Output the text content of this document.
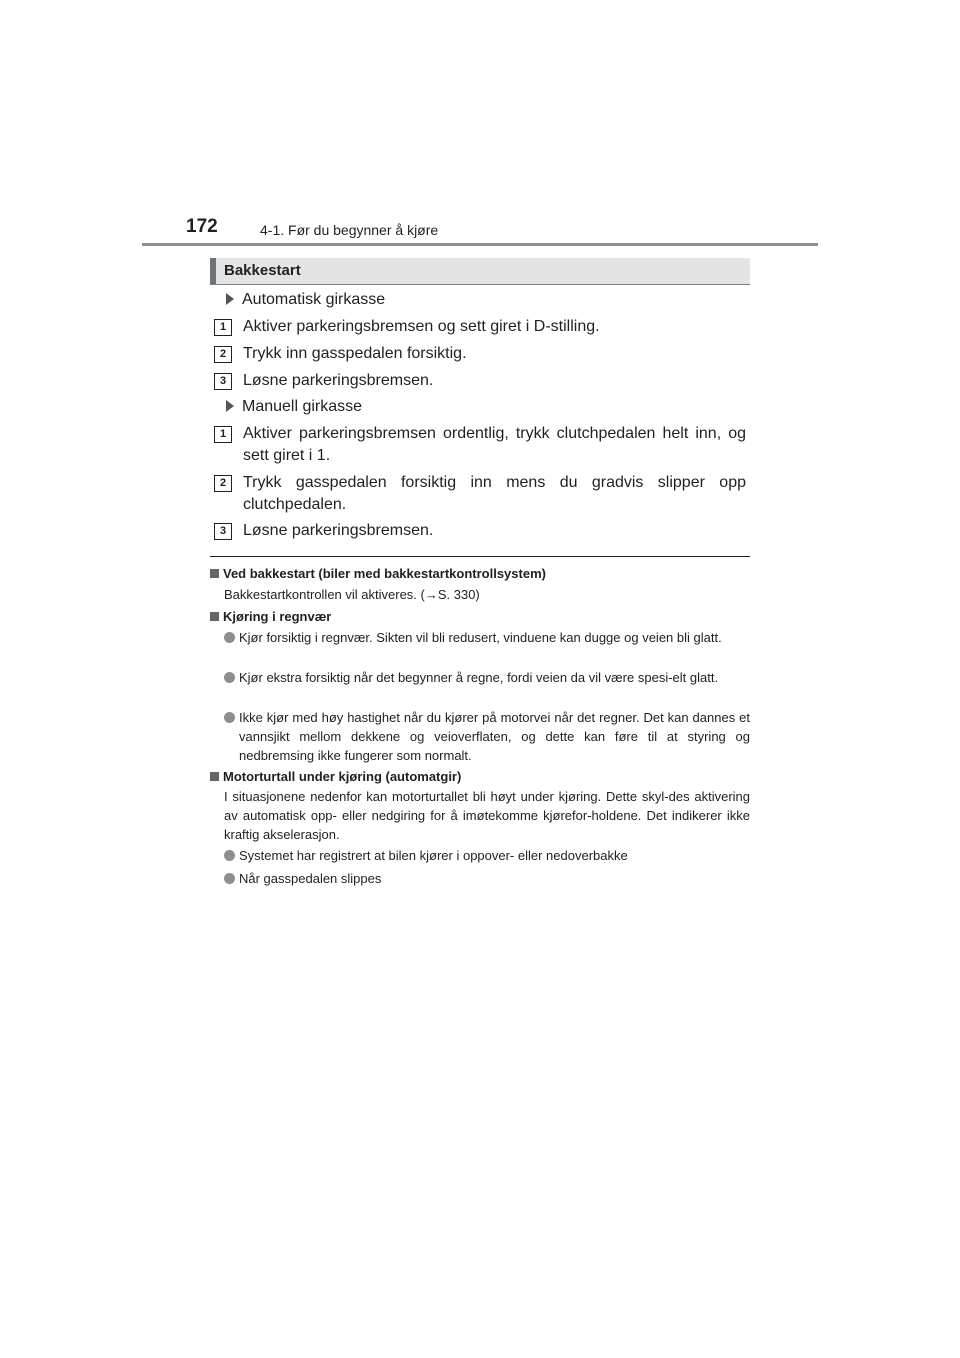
172	4-1. Før du begynner å kjøre
Bakkestart
Automatisk girkasse
1	Aktiver parkeringsbremsen og sett giret i D-stilling.
2	Trykk inn gasspedalen forsiktig.
3	Løsne parkeringsbremsen.
Manuell girkasse
1	Aktiver parkeringsbremsen ordentlig, trykk clutchpedalen helt inn, og sett giret i 1.
2	Trykk gasspedalen forsiktig inn mens du gradvis slipper opp clutchpedalen.
3	Løsne parkeringsbremsen.
Ved bakkestart (biler med bakkestartkontrollsystem)
Bakkestartkontrollen vil aktiveres. (→S. 330)
Kjøring i regnvær
Kjør forsiktig i regnvær. Sikten vil bli redusert, vinduene kan dugge og veien bli glatt.
Kjør ekstra forsiktig når det begynner å regne, fordi veien da vil være spesi-elt glatt.
Ikke kjør med høy hastighet når du kjører på motorvei når det regner. Det kan dannes et vannsjikt mellom dekkene og veioverflaten, og dette kan føre til at styring og nedbremsing ikke fungerer som normalt.
Motorturtall under kjøring (automatgir)
I situasjonene nedenfor kan motorturtallet bli høyt under kjøring. Dette skyl-des aktivering av automatisk opp- eller nedgiring for å imøtekomme kjørefor-holdene. Det indikerer ikke kraftig akselerasjon.
Systemet har registrert at bilen kjører i oppover- eller nedoverbakke
Når gasspedalen slippes
